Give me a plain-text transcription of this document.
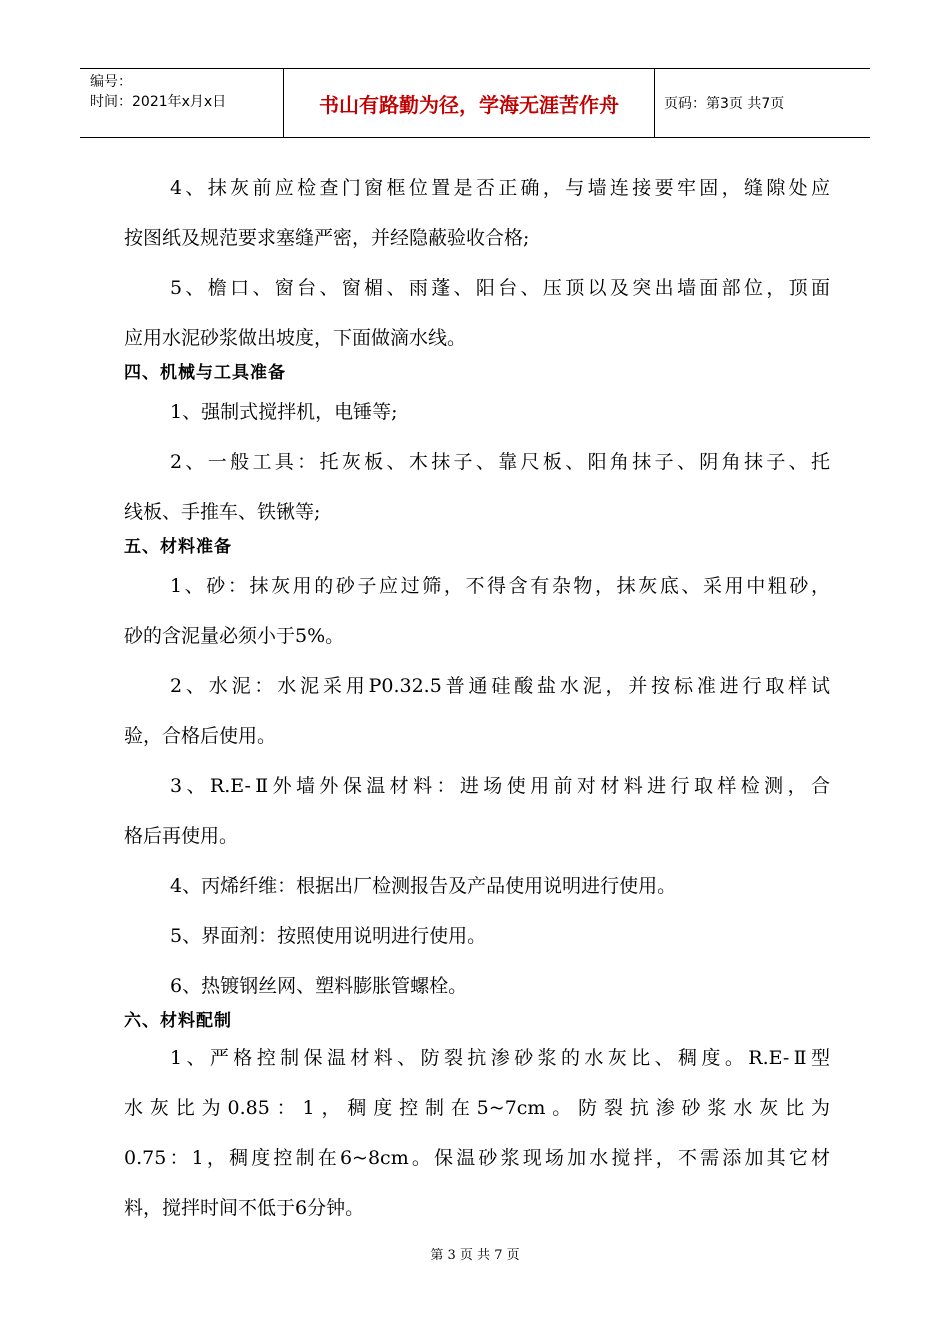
编号：
时间：2021年x月x日	书山有路勤为径，学海无涯苦作舟	页码：第3页 共7页
4、抹灰前应检查门窗框位置是否正确，与墙连接要牢固，缝隙处应
按图纸及规范要求塞缝严密，并经隐蔽验收合格;
5、檐口、窗台、窗楣、雨蓬、阳台、压顶以及突出墙面部位，顶面
应用水泥砂浆做出坡度，下面做滴水线。
四、机械与工具准备
1、强制式搅拌机，电锤等;
2、一般工具：托灰板、木抹子、靠尺板、阳角抹子、阴角抹子、托
线板、手推车、铁锹等;
五、材料准备
1、砂：抹灰用的砂子应过筛，不得含有杂物，抹灰底、采用中粗砂，
砂的含泥量必须小于5%。
2、水泥：水泥采用P0.32.5普通硅酸盐水泥，并按标准进行取样试
验，合格后使用。
3、R.E-Ⅱ外墙外保温材料：进场使用前对材料进行取样检测，合
格后再使用。
4、丙烯纤维：根据出厂检测报告及产品使用说明进行使用。
5、界面剂：按照使用说明进行使用。
6、热镀钢丝网、塑料膨胀管螺栓。
六、材料配制
1、严格控制保温材料、防裂抗渗砂浆的水灰比、稠度。R.E-Ⅱ型
水灰比为0.85：1，稠度控制在5~7cm。防裂抗渗砂浆水灰比为
0.75：1，稠度控制在6~8cm。保温砂浆现场加水搅拌，不需添加其它材
料，搅拌时间不低于6分钟。
第 3 页 共 7 页
